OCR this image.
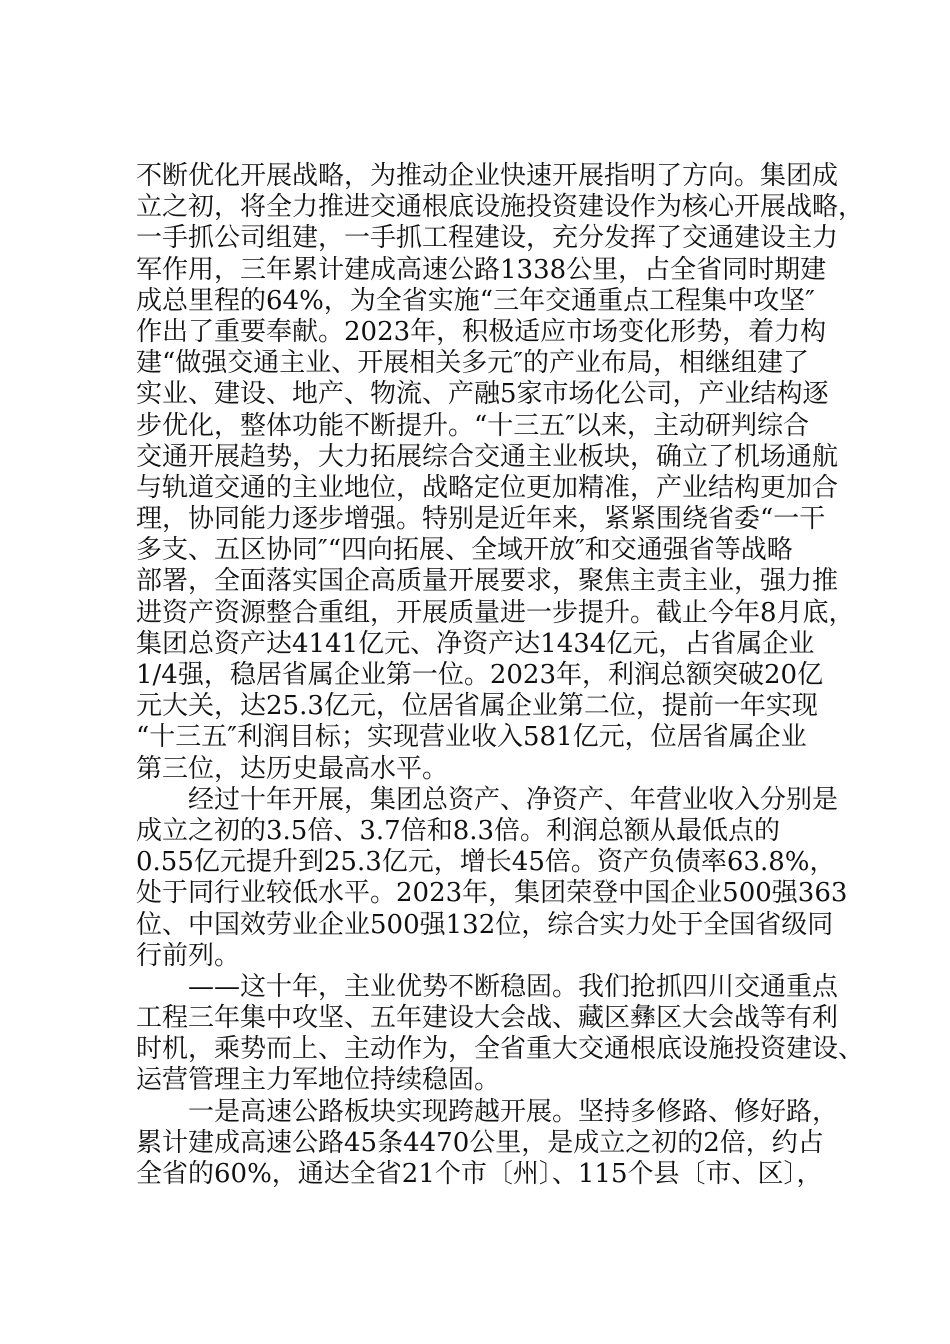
不断优化开展战略，为推动企业快速开展指明了方向。集团成
立之初，将全力推进交通根底设施投资建设作为核心开展战略，
一手抓公司组建，一手抓工程建设，充分发挥了交通建设主力
军作用，三年累计建成高速公路1338公里，占全省同时期建
成总里程的64%，为全省实施“三年交通重点工程集中攻坚″
作出了重要奉献。2023年，积极适应市场变化形势，着力构
建“做强交通主业、开展相关多元″的产业布局，相继组建了
实业、建设、地产、物流、产融5家市场化公司，产业结构逐
步优化，整体功能不断提升。“十三五″以来，主动研判综合
交通开展趋势，大力拓展综合交通主业板块，确立了机场通航
与轨道交通的主业地位，战略定位更加精准，产业结构更加合
理，协同能力逐步增强。特别是近年来，紧紧围绕省委“一干
多支、五区协同″“四向拓展、全域开放″和交通强省等战略
部署，全面落实国企高质量开展要求，聚焦主责主业，强力推
进资产资源整合重组，开展质量进一步提升。截止今年8月底，
集团总资产达4141亿元、净资产达1434亿元，占省属企业
1/4强，稳居省属企业第一位。2023年，利润总额突破20亿
元大关，达25.3亿元，位居省属企业第二位，提前一年实现
“十三五″利润目标；实现营业收入581亿元，位居省属企业
第三位，达历史最高水平。
　　经过十年开展，集团总资产、净资产、年营业收入分别是
成立之初的3.5倍、3.7倍和8.3倍。利润总额从最低点的
0.55亿元提升到25.3亿元，增长45倍。资产负债率63.8%，
处于同行业较低水平。2023年，集团荣登中国企业500强363
位、中国效劳业企业500强132位，综合实力处于全国省级同
行前列。
　　——这十年，主业优势不断稳固。我们抢抓四川交通重点
工程三年集中攻坚、五年建设大会战、藏区彝区大会战等有利
时机，乘势而上、主动作为，全省重大交通根底设施投资建设、
运营管理主力军地位持续稳固。
　　一是高速公路板块实现跨越开展。坚持多修路、修好路，
累计建成高速公路45条4470公里，是成立之初的2倍，约占
全省的60%，通达全省21个市〔州〕、115个县〔市、区〕，
